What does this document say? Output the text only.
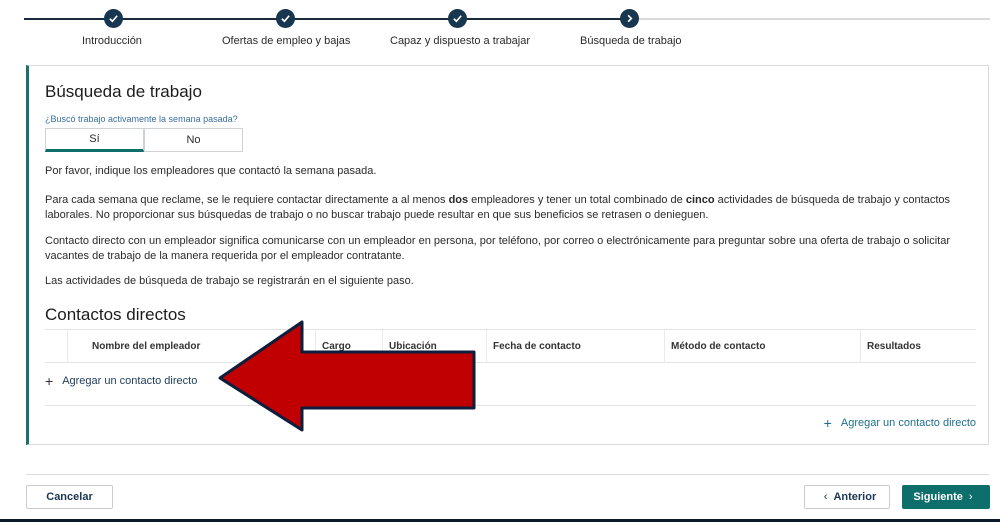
Introducción	Ofertas de empleo y bajas	Capaz y dispuesto a trabajar	Búsqueda de trabajo
Búsqueda de trabajo
¿Buscó trabajo activamente la semana pasada?
Sí	No
Por favor, indique los empleadores que contactó la semana pasada.
Para cada semana que reclame, se le requiere contactar directamente a al menos dos empleadores y tener un total combinado de cinco actividades de búsqueda de trabajo y contactos laborales. No proporcionar sus búsquedas de trabajo o no buscar trabajo puede resultar en que sus beneficios se retrasen o denieguen.
Contacto directo con un empleador significa comunicarse con un empleador en persona, por teléfono, por correo o electrónicamente para preguntar sobre una oferta de trabajo o solicitar vacantes de trabajo de la manera requerida por el empleador contratante.
Las actividades de búsqueda de trabajo se registrarán en el siguiente paso.
Contactos directos
Nombre del empleador	Cargo	Ubicación	Fecha de contacto	Método de contacto	Resultados
+ Agregar un contacto directo
+ Agregar un contacto directo
Cancelar	‹ Anterior	Siguiente ›
